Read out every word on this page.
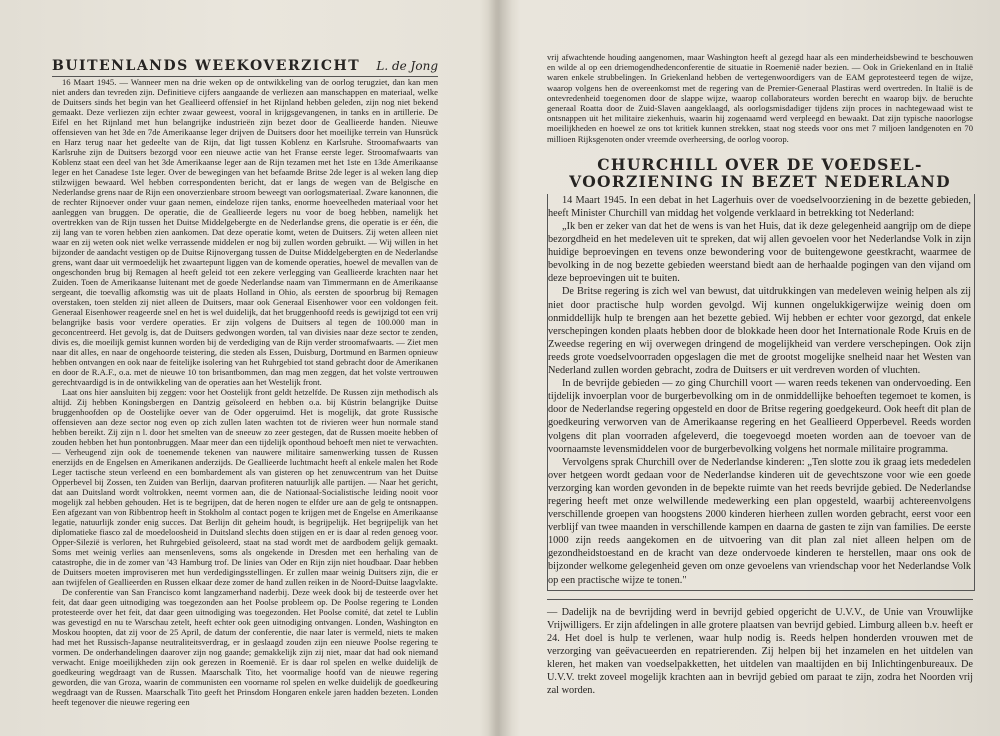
BUITENLANDS WEEKOVERZICHT L. de Jong

16 Maart 1945. — Wanneer men na drie weken op de ontwikkeling van de oorlog terugziet, dan kan men niet anders dan tevreden zijn. Definitieve cijfers aangaande de verliezen aan manschappen en materiaal, welke de Duitsers sinds het begin van het Geallieerd offensief in het Rijnland hebben geleden, zijn nog niet bekend gemaakt. Deze verliezen zijn echter zwaar geweest, vooral in krijgsgevangenen, in tanks en in artillerie. De Eifel en het Rijnland met hun belangrijke industrieën zijn bezet door de Geallieerde handen. Nieuwe offensieven van het 3de en 7de Amerikaanse leger drijven de Duitsers door het moeilijke terrein van Hunsrück en Harz terug naar het gedeelte van de Rijn, dat ligt tussen Koblenz en Karlsruhe. Stroomafwaarts van Karlsruhe zijn de Duitsers bezorgd voor een nieuwe actie van het Franse eerste leger. Stroomafwaarts van Koblenz staat een deel van het 3de Amerikaanse leger aan de Rijn tezamen met het 1ste en 13de Amerikaanse leger en het Canadese 1ste leger. Over de bewegingen van het befaamde Britse 2de leger is al weken lang diep stilzwijgen bewaard. Wel hebben correspondenten bericht, dat er langs de wegen van de Belgische en Nederlandse grens naar de Rijn een onoverzienbare stroom beweegt van oorlogsmateriaal. Zware kanonnen, die de rechter Rijnoever onder vuur gaan nemen, eindeloze rijen tanks, enorme hoeveelheden materiaal voor het aanleggen van bruggen. De operatie, die de Geallieerde legers nu voor de boeg hebben, namelijk het overtrekken van de Rijn tussen het Duitse Middelgebergte en de Nederlandse grens, die operatie is er één, die zij lang van te voren hebben zien aankomen. Dat deze operatie komt, weten de Duitsers. Zij weten alleen niet waar en zij weten ook niet welke verrassende middelen er nog bij zullen worden gebruikt. — Wij willen in het bijzonder de aandacht vestigen op de Duitse Rijnovergang tussen de Duitse Middelgebergten en de Nederlandse grens, want daar uit vermoedelijk het zwaartepunt liggen van de komende operaties, hoewel de mevallen van de ongeschonden brug bij Remagen al heeft geleid tot een zekere verlegging van Geallieerde krachten naar het Zuiden. Toen de Amerikaanse luitenant met de goede Nederlandse naam van Timmermann en de Amerikaanse sergeant, die toevallig afkomstig was uit de plaats Holland in Ohio, als eersten de spoorbrug bij Remagen overstaken, toen stelden zij niet alleen de Duitsers, maar ook Generaal Eisenhower voor een voldongen feit. Generaal Eisenhower reageerde snel en het is wel duidelijk, dat het bruggenhoofd reeds is gewijzigd tot een vrij belangrijke basis voor verdere operaties. Er zijn volgens de Duitsers al tegen de 100.000 man in geconcentreerd. Het gevolg is, dat de Duitsers gedwongen worden, tal van divisies naar deze sector te zenden, divis es, die moeilijk gemist kunnen worden bij de verdediging van de Rijn verder stroomafwaarts. — Ziet men naar dit alles, en naar de ongehoorde teistering, die steden als Essen, Duisburg, Dortmund en Barmen opnieuw hebben ontvangen en ook naar de feitelijke isolering van het Ruhrgebied tot stand gebracht door de Amerikanen en door de R.A.F., o.a. met de nieuwe 10 ton brisantbommen, dan mag men zeggen, dat het volste vertrouwen gerechtvaardigd is in de ontwikkeling van de operaties aan het Westelijk front.

Laat ons hier aansluiten bij zeggen: voor het Oostelijk front geldt hetzelfde. De Russen zijn methodisch als altijd. Zij hebben Koningsbergen en Dantzig geïsoleerd en hebben o.a. bij Küstrin belangrijke Duitse bruggenhoofden op de Oostelijke oever van de Oder opgeruimd. Het is mogelijk, dat grote Russische offensieven aan deze sector nog even op zich zullen laten wachten tot de rivieren weer hun normale stand hebben bereikt. Zij zijn n l. door het smelten van de sneeuw zo zeer gestegen, dat de Russen moeite hebben of zouden hebben het hun pontonbruggen. Maar meer dan een tijdelijk oponthoud behoeft men niet te verwachten. — Verheugend zijn ook de toenemende tekenen van nauwere militaire samenwerking tussen de Russen enerzijds en de Engelsen en Amerikanen anderzijds. De Geallieerde luchtmacht heeft al enkele malen het Rode Leger tactische steun verleend en een bombardement als van gisteren op het zenuwcentrum van het Duitse Opperbevel bij Zossen, ten Zuiden van Berlijn, daarvan profiteren natuurlijk alle partijen. — Naar het gericht, dat aan Duitsland wordt voltrokken, neemt vormen aan, die de Nationaal-Socialistische leiding nooit voor mogelijk zal hebben gehouden. Het is te begrijpen, dat de heren nogen te elfder ure aan de gelg te ontsnappen. Een afgezant van von Ribbentrop heeft in Stokholm al contact pogen te krijgen met de Engelse en Amerikaanse legatie, natuurlijk zonder enig succes. Dat Berlijn dit geheim houdt, is begrijpelijk. Het begrijpelijk van het diplomatieke fiasco zal de moedeloosheid in Duitsland slechts doen stijgen en er is daar al reden genoeg voor. Opper-Silezië is verloren, het Ruhrgebied geïsoleerd, staat na stad wordt met de aardbodem gelijk gemaakt. Soms met weinig verlies aan mensenlevens, soms als ongekende in Dresden met een herhaling van de catastrophe, die in de zomer van '43 Hamburg trof. De linies van Oder en Rijn zijn niet houdbaar. Daar hebben de Duitsers moeten improviseren met hun verdedigingsstellingen. Er zullen maar weinig Duitsers zijn, die er aan twijfelen of Geallieerden en Russen elkaar deze zomer de hand zullen reiken in de Noord-Duitse laagvlakte.

De conferentie van San Francisco komt langzamerhand naderbij. Deze week dook bij de testeerde over het feit, dat daar geen uitnodiging was toegezonden aan het Poolse probleem op. De Poolse regering te Londen protesteerde over het feit, dat daar geen uitnodiging was toegezonden. Het Poolse comité, dat zetel te Lublin was gevestigd en nu te Warschau zetelt, heeft echter ook geen uitnodiging ontvangen. Londen, Washington en Moskou hoopten, dat zij voor de 25 April, de datum der conferentie, die naar later is vermeld, niets te maken had met het Russisch-Japanse neutraliteitsverdrag, er in geslaagd zouden zijn een nieuwe Poolse regering te vormen. De onderhandelingen daarover zijn nog gaande; gemakkelijk zijn zij niet, maar dat had ook niemand verwacht. Enige moeilijkheden zijn ook gerezen in Roemenië. Er is daar rol spelen en welke duidelijk de goedkeuring wegdraagt van de Russen. Maarschalk Tito, het voormalige hoofd van de nieuwe regering geworden, die van Groza, waarin de communisten een voorname rol spelen en welke duidelijk de goedkeuring wegdraagt van de Russen. Maarschalk Tito geeft het Prinsdom Hongaren enkele jaren hadden bezeten. Londen heeft tegenover die nieuwe regering een

vrij afwachtende houding aangenomen, maar Washington heeft al gezegd haar als een minderheidsbewind te beschouwen en wilde al op een driemogendhedenconferentie de situatie in Roemenië nader bezien. — Ook in Griekenland en in Italië waren enkele strubbelingen. In Griekenland hebben de vertegenwoordigers van de EAM geprotesteerd tegen de wijze, waarop volgens hen de overeenkomst met de regering van de Premier-Generaal Plastiras werd overtreden. In Italië is de ontevredenheid toegenomen door de slappe wijze, waarop collaborateurs worden berecht en waarop bijv. de beruchte generaal Roatta door de Zuid-Slaven aangeklaagd, als oorlogsmisdadiger tijdens zijn proces in nachtegewaad wist te ontsnappen uit het militaire ziekenhuis, waarin hij zogenaamd werd verpleegd en bewaakt. Dat zijn typische naoorlogse moeilijkheden en hoewel ze ons tot kritiek kunnen strekken, staat nog steeds voor ons met 7 miljoen landgenoten en 70 millioen Rijksgenoten onder vreemde overheersing, de oorlog voorop.

CHURCHILL OVER DE VOEDSEL-
VOORZIENING IN BEZET NEDERLAND

14 Maart 1945. In een debat in het Lagerhuis over de voedselvoorziening in de bezette gebieden, heeft Minister Churchill van middag het volgende verklaard in betrekking tot Nederland:

„Ik ben er zeker van dat het de wens is van het Huis, dat ik deze gelegenheid aangrijp om de diepe bezorgdheid en het medeleven uit te spreken, dat wij allen gevoelen voor het Nederlandse Volk in zijn huidige beproevingen en tevens onze bewondering voor de buitengewone geestkracht, waarmee de bevolking in de nog bezette gebieden weerstand biedt aan de herhaalde pogingen van den vijand om deze beproevingen uit te buiten.

De Britse regering is zich wel van bewust, dat uitdrukkingen van medeleven weinig helpen als zij niet door practische hulp worden gevolgd. Wij kunnen ongelukkigerwijze weinig doen om onmiddellijk hulp te brengen aan het bezette gebied. Wij hebben er echter voor gezorgd, dat enkele verschepingen konden plaats hebben door de blokkade heen door het Internationale Rode Kruis en de Zweedse regering en wij overwegen dringend de mogelijkheid van verdere verschepingen. Ook zijn reeds grote voedselvoorraden opgeslagen die met de grootst mogelijke snelheid naar het Westen van Nederland zullen worden gebracht, zodra de Duitsers er uit verdreven worden of vluchten.

In de bevrijde gebieden — zo ging Churchill voort — waren reeds tekenen van ondervoeding. Een tijdelijk invoerplan voor de burgerbevolking om in de onmiddellijke behoeften tegemoet te komen, is door de Nederlandse regering opgesteld en door de Britse regering goedgekeurd. Ook heeft dit plan de goedkeuring verworven van de Amerikaanse regering en het Geallieerd Opperbevel. Reeds worden volgens dit plan voorraden afgeleverd, die toegevoegd moeten worden aan de toevoer van de voornaamste levensmiddelen voor de burgerbevolking volgens het normale militaire programma.

Vervolgens sprak Churchill over de Nederlandse kinderen: „Ten slotte zou ik graag iets mededelen over hetgeen wordt gedaan voor de Nederlandse kinderen uit de gevechtszone voor wie een goede verzorging kan worden gevonden in de bepekte ruimte van het reeds bevrijde gebied. De Nederlandse regering heeft met onze welwillende medewerking een plan opgesteld, waarbij achtereenvolgens verschillende groepen van hoogstens 2000 kinderen hierheen zullen worden gebracht, eerst voor een verblijf van twee maanden in verschillende kampen en daarna de gasten te zijn van families. De eerste 1000 zijn reeds aangekomen en de uitvoering van dit plan zal niet alleen helpen om de gezondheidstoestand en de kracht van deze ondervoede kinderen te herstellen, maar ons ook de bijzonder welkome gelegenheid geven om onze gevoelens van vriendschap voor het Nederlandse Volk op een practische wijze te tonen."

— Dadelijk na de bevrijding werd in bevrijd gebied opgericht de U.V.V., de Unie van Vrouwlijke Vrijwilligers. Er zijn afdelingen in alle grotere plaatsen van bevrijd gebied. Limburg alleen b.v. heeft er 24. Het doel is hulp te verlenen, waar hulp nodig is. Reeds helpen honderden vrouwen met de verzorging van geëvacueerden en repatrierenden. Zij helpen bij het inzamelen en het uitdelen van kleren, het maken van voedselpakketten, het uitdelen van maaltijden en bij Inlichtingenbureaux. De U.V.V. trekt zoveel mogelijk krachten aan in bevrijd gebied om paraat te zijn, zodra het Noorden vrij zal worden.
